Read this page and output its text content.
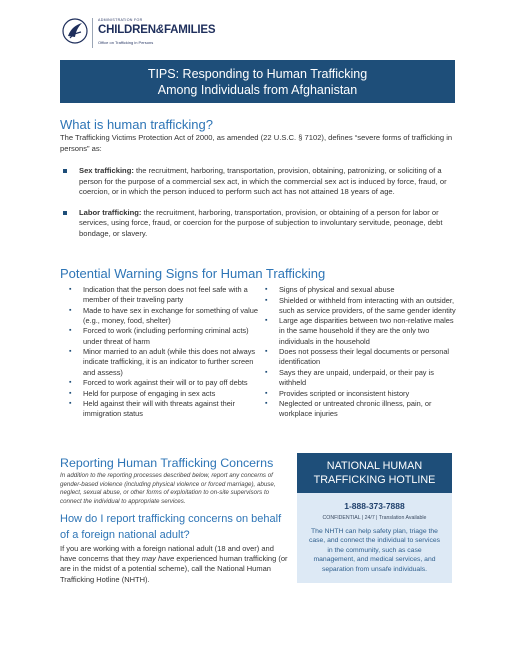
ADMINISTRATION FOR
CHILDREN&FAMILIES
Office on Trafficking in Persons
TIPS: Responding to Human Trafficking
Among Individuals from Afghanistan
What is human trafficking?
The Trafficking Victims Protection Act of 2000, as amended (22 U.S.C. § 7102), defines “severe forms of trafficking in persons” as:
Sex trafficking: the recruitment, harboring, transportation, provision, obtaining, patronizing, or soliciting of a person for the purpose of a commercial sex act, in which the commercial sex act is induced by force, fraud, or coercion, or in which the person induced to perform such act has not attained 18 years of age.
Labor trafficking: the recruitment, harboring, transportation, provision, or obtaining of a person for labor or services, using force, fraud, or coercion for the purpose of subjection to involuntary servitude, peonage, debt bondage, or slavery.
Potential Warning Signs for Human Trafficking
▪ Indication that the person does not feel safe with a member of their traveling party
▪ Made to have sex in exchange for something of value (e.g., money, food, shelter)
▪ Forced to work (including performing criminal acts) under threat of harm
▪ Minor married to an adult (while this does not always indicate trafficking, it is an indicator to further screen and assess)
▪ Forced to work against their will or to pay off debts
▪ Held for purpose of engaging in sex acts
▪ Held against their will with threats against their immigration status
▪ Signs of physical and sexual abuse
▪ Shielded or withheld from interacting with an outsider, such as service providers, of the same gender identity
▪ Large age disparities between two non-relative males in the same household if they are the only two individuals in the household
▪ Does not possess their legal documents or personal identification
▪ Says they are unpaid, underpaid, or their pay is withheld
▪ Provides scripted or inconsistent history
▪ Neglected or untreated chronic illness, pain, or workplace injuries
Reporting Human Trafficking Concerns
In addition to the reporting processes described below, report any concerns of gender-based violence (including physical violence or forced marriage), abuse, neglect, sexual abuse, or other forms of exploitation to on-site supervisors to connect the individual to appropriate services.
How do I report trafficking concerns on behalf of a foreign national adult?
If you are working with a foreign national adult (18 and over) and have concerns that they may have experienced human trafficking (or are in the midst of a potential scheme), call the National Human Trafficking Hotline (NHTH).
NATIONAL HUMAN
TRAFFICKING HOTLINE
1-888-373-7888
CONFIDENTIAL | 24/7 | Translation Available
The NHTH can help safety plan, triage the case, and connect the individual to services in the community, such as case management, and medical services, and separation from unsafe individuals.
